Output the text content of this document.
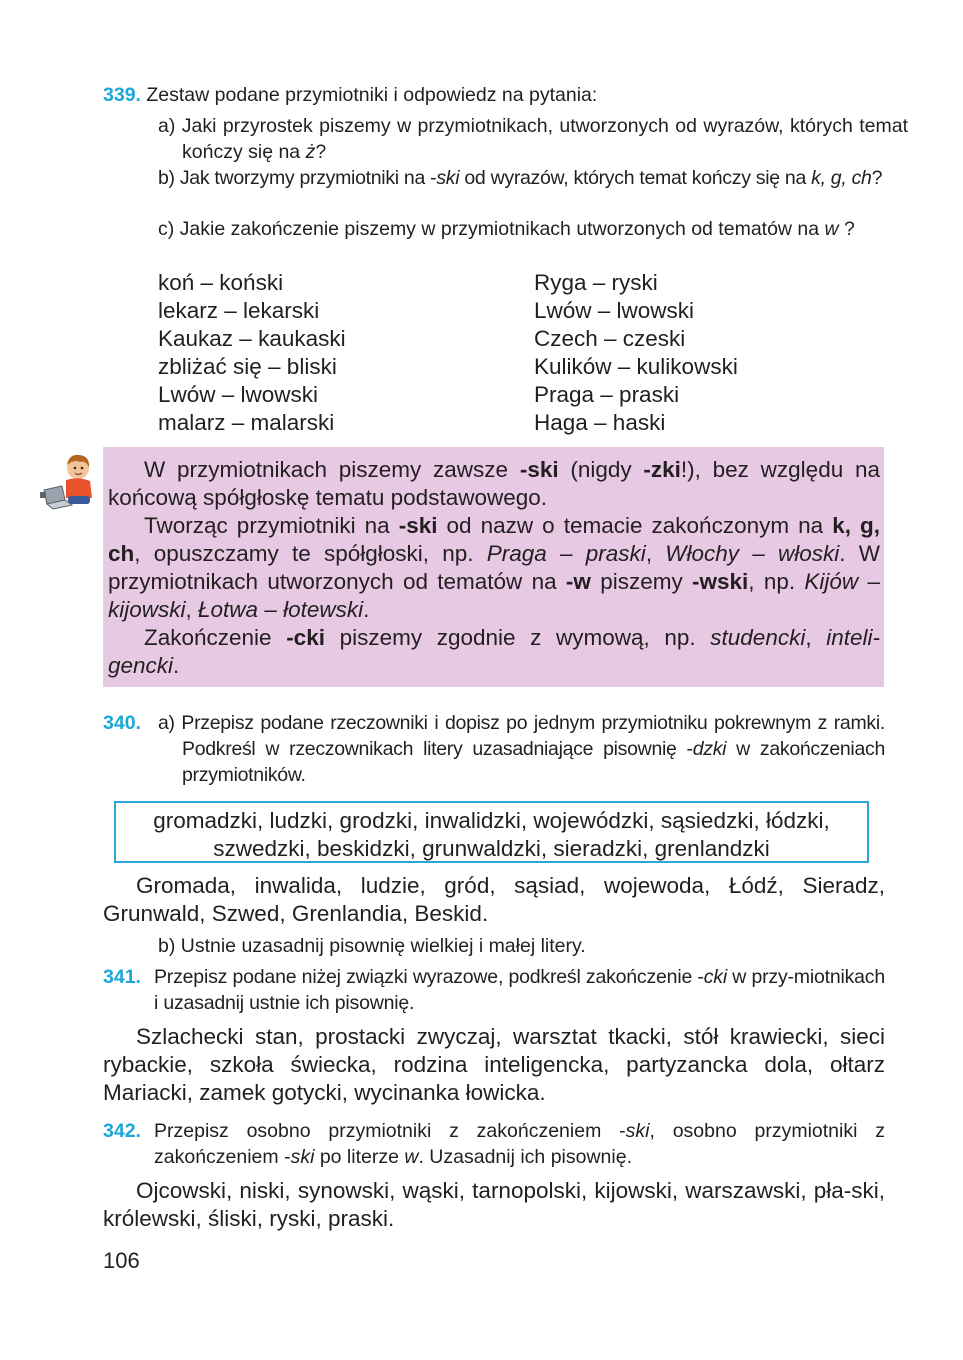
339. Zestaw podane przymiotniki i odpowiedz na pytania:
a) Jaki przyrostek piszemy w przymiotnikach, utworzonych od wyrazów, których temat kończy się na ż?
b) Jak tworzymy przymiotniki na -ski od wyrazów, których temat kończy się na k, g, ch?
c) Jakie zakończenie piszemy w przymiotnikach utworzonych od tematów na w ?
koń – koński
lekarz – lekarski
Kaukaz – kaukaski
zbliżać się – bliski
Lwów – lwowski
malarz – malarski
Ryga – ryski
Lwów – lwowski
Czech – czeski
Kulików – kulikowski
Praga – praski
Haga – haski

W przymiotnikach piszemy zawsze -ski (nigdy -zki!), bez względu na końcową spółgłoskę tematu podstawowego.

Tworząc przymiotniki na -ski od nazw o temacie zakończonym na k, g, ch, opuszczamy te spółgłoski, np. Praga – praski, Włochy – włoski. W przymiotnikach utworzonych od tematów na -w piszemy -wski, np. Kijów – kijowski, Łotwa – łotewski.

Zakończenie -cki piszemy zgodnie z wymową, np. studencki, inteli-gencki.

340. a) Przepisz podane rzeczowniki i dopisz po jednym przymiotniku pokrewnym z ramki. Podkreśl w rzeczownikach litery uzasadniające pisownię -dzki w zakończeniach przymiotników.
gromadzki, ludzki, grodzki, inwalidzki, wojewódzki, sąsiedzki, łódzki,
szwedzki, beskidzki, grunwaldzki, sieradzki, grenlandzki
Gromada, inwalida, ludzie, gród, sąsiad, wojewoda, Łódź, Sieradz, Grunwald, Szwed, Grenlandia, Beskid.
b) Ustnie uzasadnij pisownię wielkiej i małej litery.
341. Przepisz podane niżej związki wyrazowe, podkreśl zakończenie -cki w przy-miotnikach i uzasadnij ustnie ich pisownię.
Szlachecki stan, prostacki zwyczaj, warsztat tkacki, stół krawiecki, sieci rybackie, szkoła świecka, rodzina inteligencka, partyzancka dola, ołtarz Mariacki, zamek gotycki, wycinanka łowicka.
342. Przepisz osobno przymiotniki z zakończeniem -ski, osobno przymiotniki z zakończeniem -ski po literze w. Uzasadnij ich pisownię.
Ojcowski, niski, synowski, wąski, tarnopolski, kijowski, warszawski, pła-ski, królewski, śliski, ryski, praski.
106
